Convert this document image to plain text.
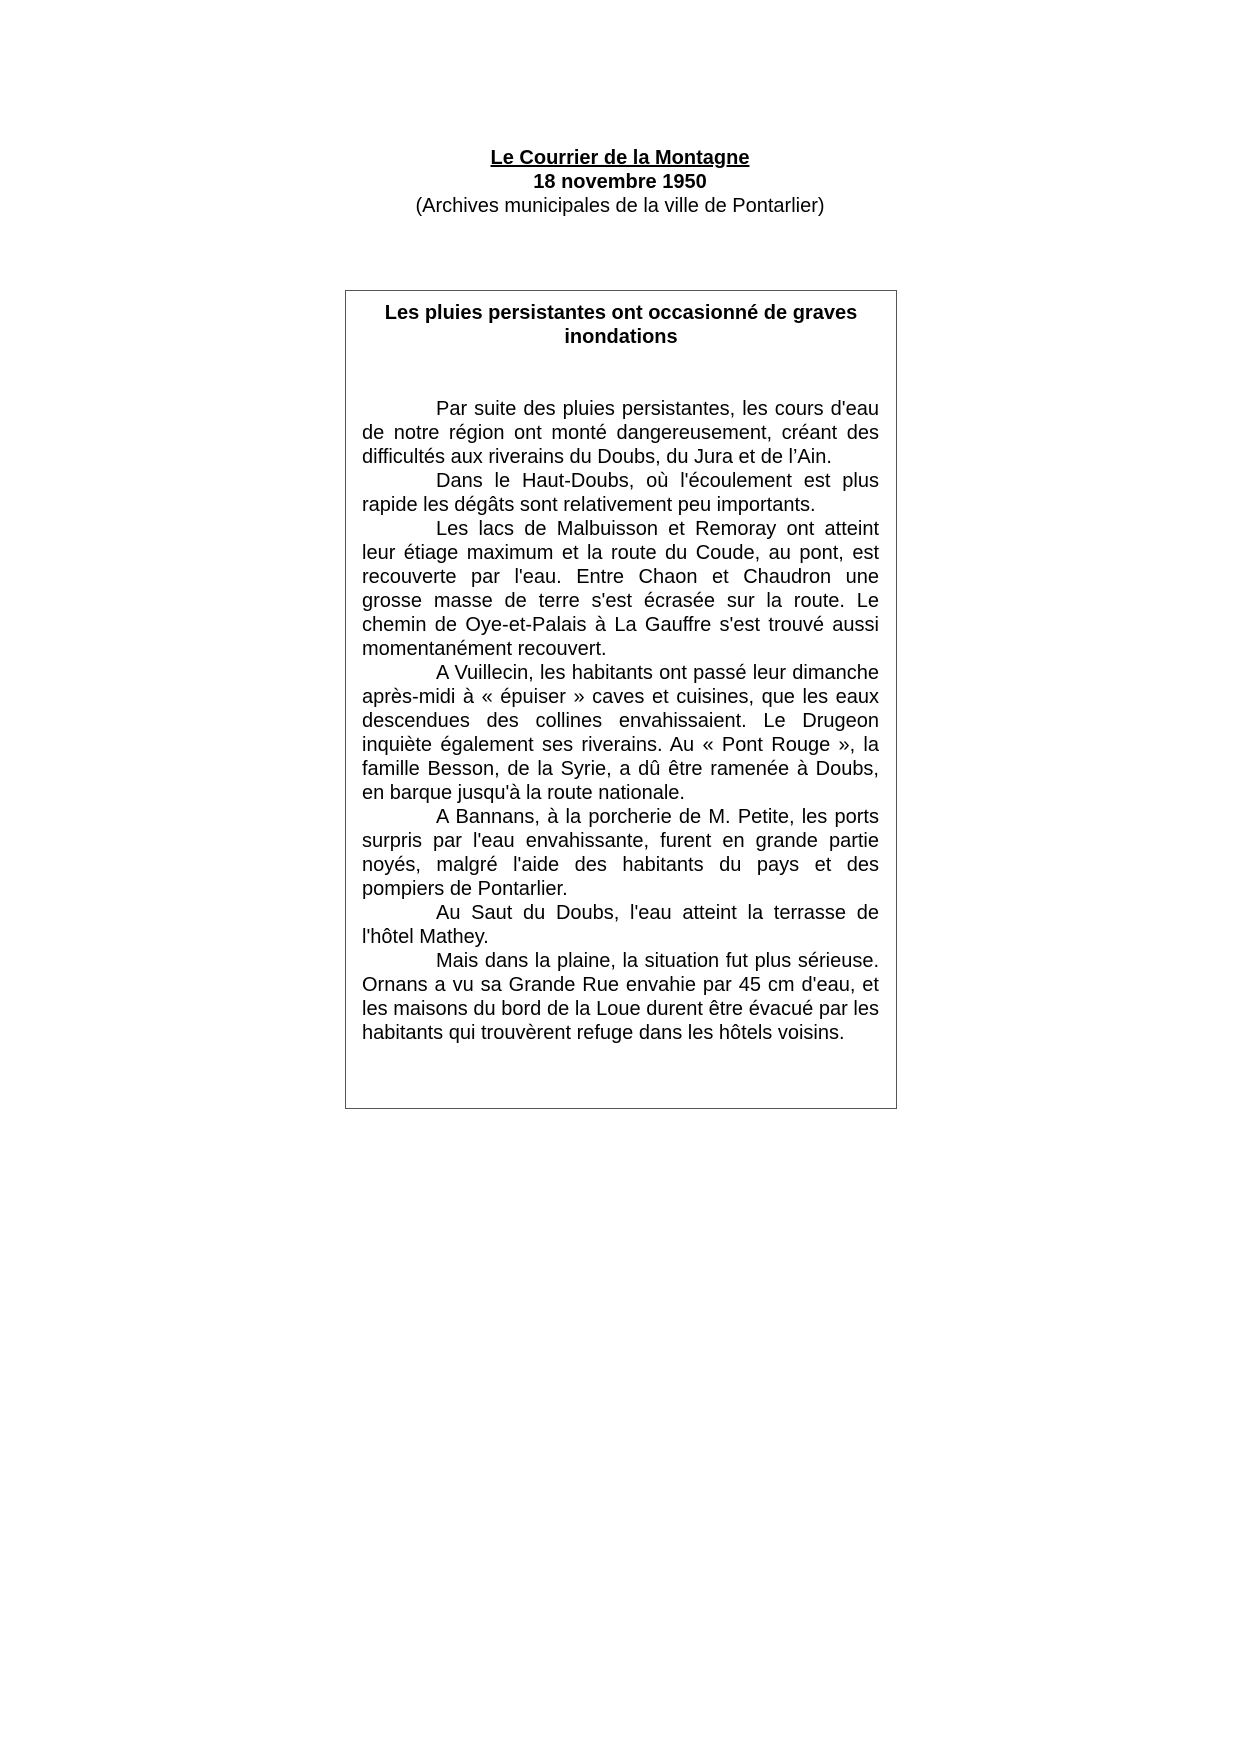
Le Courrier de la Montagne
18 novembre 1950
(Archives municipales de la ville de Pontarlier)
Les pluies persistantes ont occasionné de graves inondations

Par suite des pluies persistantes, les cours d'eau de notre région ont monté dangereusement, créant des difficultés aux riverains du Doubs, du Jura et de l’Ain.

Dans le Haut-Doubs, où l'écoulement est plus rapide les dégâts sont relativement peu importants.

Les lacs de Malbuisson et Remoray ont atteint leur étiage maximum et la route du Coude, au pont, est recouverte par l'eau. Entre Chaon et Chaudron une grosse masse de terre s'est écrasée sur la route. Le chemin de Oye-et-Palais à La Gauffre s'est trouvé aussi momentanément recouvert.

A Vuillecin, les habitants ont passé leur dimanche après-midi à « épuiser » caves et cuisines, que les eaux descendues des collines envahissaient. Le Drugeon inquiète également ses riverains. Au « Pont Rouge », la famille Besson, de la Syrie, a dû être ramenée à Doubs, en barque jusqu'à la route nationale.

A Bannans, à la porcherie de M. Petite, les ports surpris par l'eau envahissante, furent en grande partie noyés, malgré l'aide des habitants du pays et des pompiers de Pontarlier.

Au Saut du Doubs, l'eau atteint la terrasse de l'hôtel Mathey.

Mais dans la plaine, la situation fut plus sérieuse. Ornans a vu sa Grande Rue envahie par 45 cm d'eau, et les maisons du bord de la Loue durent être évacué par les habitants qui trouvèrent refuge dans les hôtels voisins.
